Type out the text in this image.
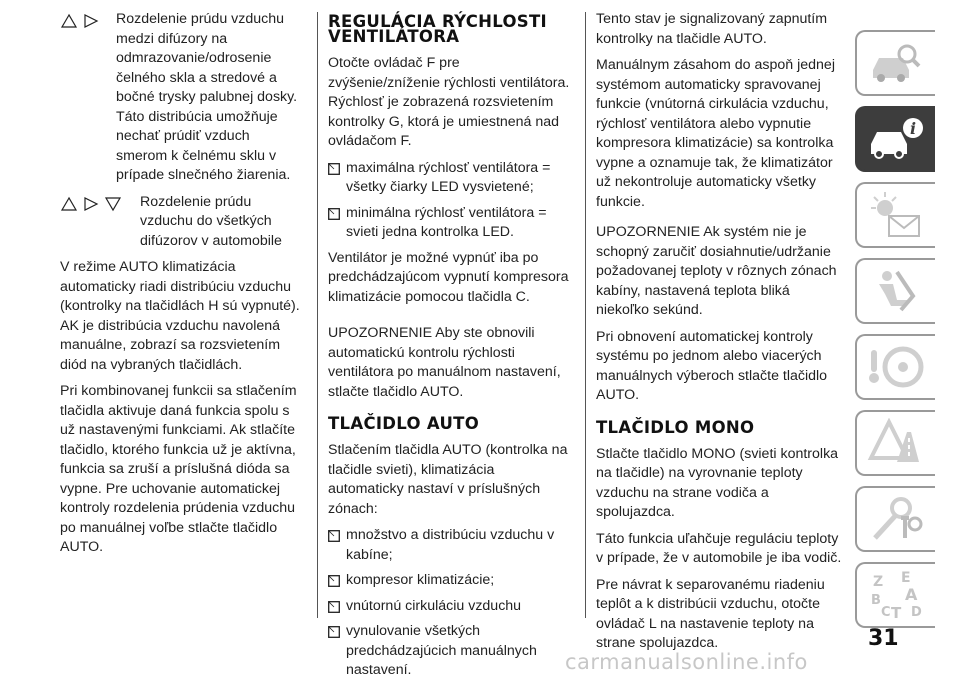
Rozdelenie prúdu vzduchu medzi difúzory na odmrazovanie/odrosenie čelného skla a stredové a bočné trysky palubnej dosky. Táto distribúcia umožňuje nechať prúdiť vzduch smerom k čelnému sklu v prípade slnečného žiarenia.

Rozdelenie prúdu vzduchu do všetkých difúzorov v automobile

V režime AUTO klimatizácia automaticky riadi distribúciu vzduchu (kontrolky na tlačidlách H sú vypnuté). AK je distribúcia vzduchu navolená manuálne, zobrazí sa rozsvietením diód na vybraných tlačidlách.

Pri kombinovanej funkcii sa stlačením tlačidla aktivuje daná funkcia spolu s už nastavenými funkciami. Ak stlačíte tlačidlo, ktorého funkcia už je aktívna, funkcia sa zruší a príslušná dióda sa vypne. Pre uchovanie automatickej kontroly rozdelenia prúdenia vzduchu po manuálnej voľbe stlačte tlačidlo AUTO.

REGULÁCIA RÝCHLOSTI VENTILÁTORA

Otočte ovládač F pre zvýšenie/zníženie rýchlosti ventilátora. Rýchlosť je zobrazená rozsvietením kontrolky G, ktorá je umiestnená nad ovládačom F.

maximálna rýchlosť ventilátora = všetky čiarky LED vysvietené;
minimálna rýchlosť ventilátora = svieti jedna kontrolka LED.

Ventilátor je možné vypnúť iba po predchádzajúcom vypnutí kompresora klimatizácie pomocou tlačidla C.

UPOZORNENIE Aby ste obnovili automatickú kontrolu rýchlosti ventilátora po manuálnom nastavení, stlačte tlačidlo AUTO.

TLAČIDLO AUTO

Stlačením tlačidla AUTO (kontrolka na tlačidle svieti), klimatizácia automaticky nastaví v príslušných zónach:

množstvo a distribúciu vzduchu v kabíne;
kompresor klimatizácie;
vnútornú cirkuláciu vzduchu
vynulovanie všetkých predchádzajúcich manuálnych nastavení.

Tento stav je signalizovaný zapnutím kontrolky na tlačidle AUTO.

Manuálnym zásahom do aspoň jednej systémom automaticky spravovanej funkcie (vnútorná cirkulácia vzduchu, rýchlosť ventilátora alebo vypnutie kompresora klimatizácie) sa kontrolka vypne a oznamuje tak, že klimatizátor už nekontroluje automaticky všetky funkcie.

UPOZORNENIE Ak systém nie je schopný zaručiť dosiahnutie/udržanie požadovanej teploty v rôznych zónach kabíny, nastavená teplota bliká niekoľko sekúnd.

Pri obnovení automatickej kontroly systému po jednom alebo viacerých manuálnych výberoch stlačte tlačidlo AUTO.

TLAČIDLO MONO

Stlačte tlačidlo MONO (svieti kontrolka na tlačidle) na vyrovnanie teploty vzduchu na strane vodiča a spolujazdca.

Táto funkcia uľahčuje reguláciu teploty v prípade, že v automobile je iba vodič.

Pre návrat k separovanému riadeniu teplôt a k distribúcii vzduchu, otočte ovládač L na nastavenie teploty na strane spolujazdca.

i
Z E
A
B
C T D
31
carmanualsonline.info
